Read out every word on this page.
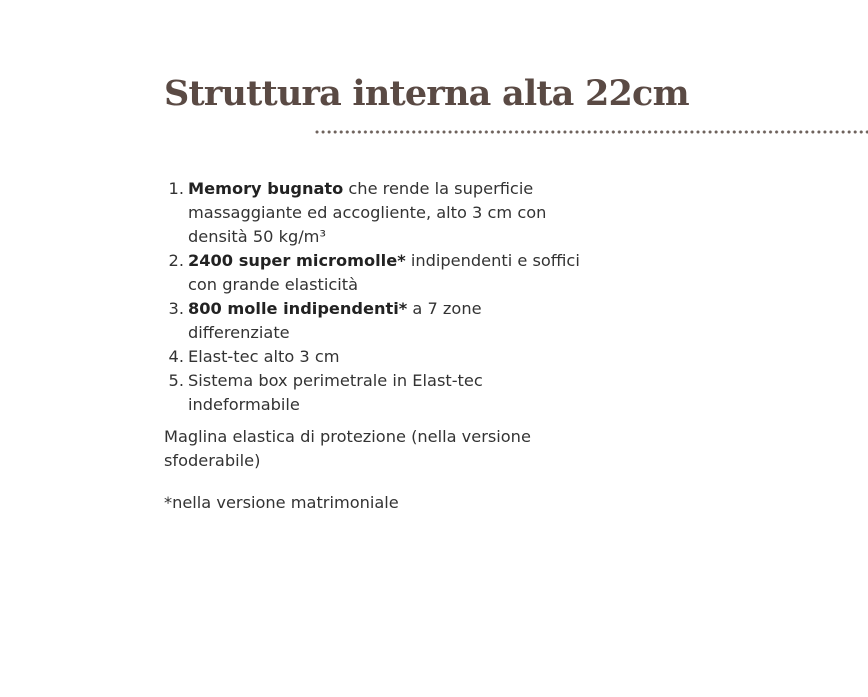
Struttura interna alta 22cm
1. Memory bugnato che rende la superficie massaggiante ed accogliente, alto 3 cm con densità 50 kg/m³
2. 2400 super micromolle* indipendenti e soffici con grande elasticità
3. 800 molle indipendenti* a 7 zone differenziate
4. Elast-tec alto 3 cm
5. Sistema box perimetrale in Elast-tec indeformabile

Maglina elastica di protezione (nella versione sfoderabile)

*nella versione matrimoniale
